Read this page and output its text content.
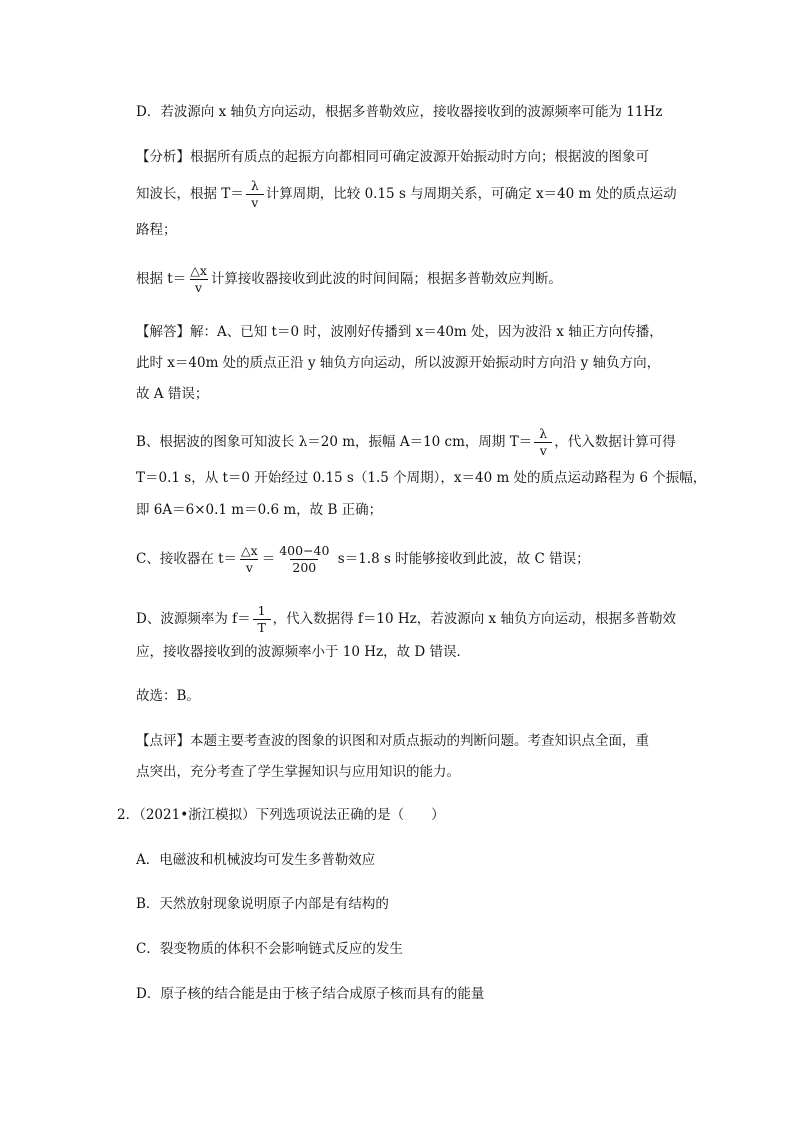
D．若波源向 x 轴负方向运动，根据多普勒效应，接收器接收到的波源频率可能为 11Hz
【分析】根据所有质点的起振方向都相同可确定波源开始振动时方向；根据波的图象可
知波长，根据 $T= \frac{\lambda}{v}$ 计算周期，比较 0.15 s 与周期关系，可确定 x＝40 m 处的质点运动
路程；
根据 $t= \frac{\triangle x}{v}$ 计算接收器接收到此波的时间间隔；根据多普勒效应判断。
【解答】解：A、已知 t＝0 时，波刚好传播到 x＝40m 处，因为波沿 x 轴正方向传播，
此时 x＝40m 处的质点正沿 y 轴负方向运动，所以波源开始振动时方向沿 y 轴负方向，
故 A 错误；
B、根据波的图象可知波长 λ＝20 m，振幅 A＝10 cm，周期 $T= \frac{\lambda}{v}$ ，代入数据计算可得
T＝0.1 s，从 t＝0 开始经过 0.15 s（1.5 个周期），x＝40 m 处的质点运动路程为 6 个振幅，
即 6A＝6×0.1 m＝0.6 m，故 B 正确；
C、接收器在 $t= \frac{\triangle x}{v} = \frac{400-40}{200} s=1.8$ s 时能够接收到此波，故 C 错误；
D、波源频率为 $f= \frac{1}{T}$ ，代入数据得 f＝10 Hz，若波源向 x 轴负方向运动，根据多普勒效
应，接收器接收到的波源频率小于 10 Hz，故 D 错误．
故选：B。
【点评】本题主要考查波的图象的识图和对质点振动的判断问题。考查知识点全面，重
点突出，充分考查了学生掌握知识与应用知识的能力。
2．（2021•浙江模拟）下列选项说法正确的是（　　）
A．电磁波和机械波均可发生多普勒效应
B．天然放射现象说明原子内部是有结构的
C．裂变物质的体积不会影响链式反应的发生
D．原子核的结合能是由于核子结合成原子核而具有的能量
